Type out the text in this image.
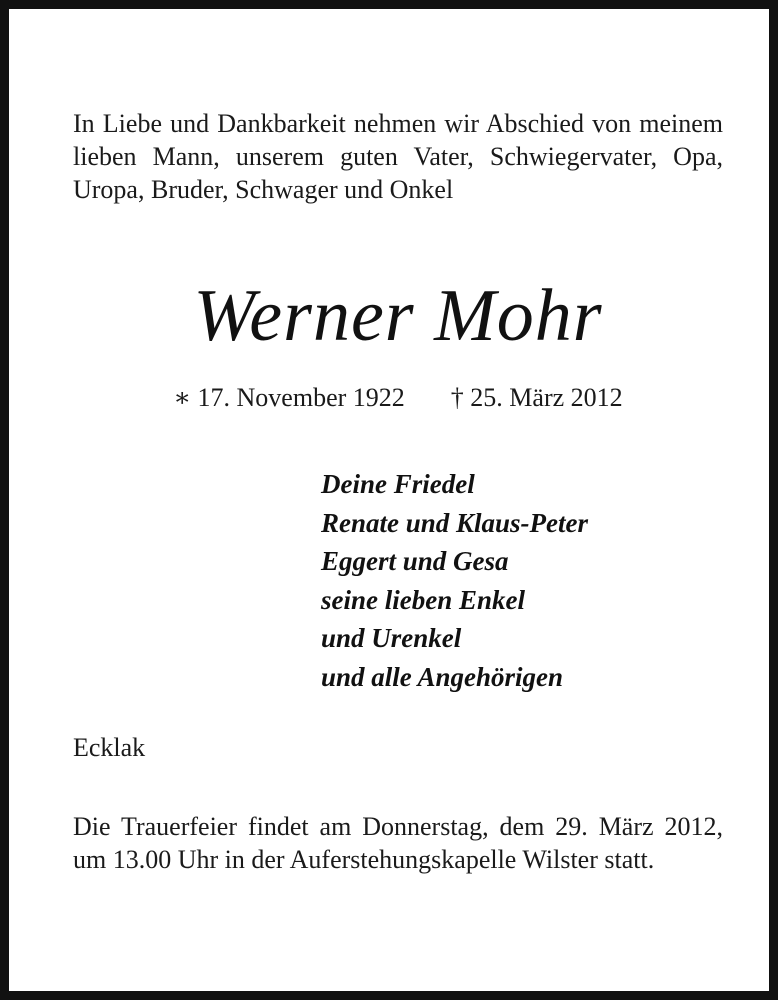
In Liebe und Dankbarkeit nehmen wir Abschied von meinem lieben Mann, unserem guten Vater, Schwiegervater, Opa, Uropa, Bruder, Schwager und Onkel
Werner Mohr
∗ 17. November 1922 † 25. März 2012
Deine Friedel
Renate und Klaus-Peter
Eggert und Gesa
seine lieben Enkel
und Urenkel
und alle Angehörigen
Ecklak
Die Trauerfeier findet am Donnerstag, dem 29. März 2012, um 13.00 Uhr in der Auferstehungskapelle Wilster statt.
